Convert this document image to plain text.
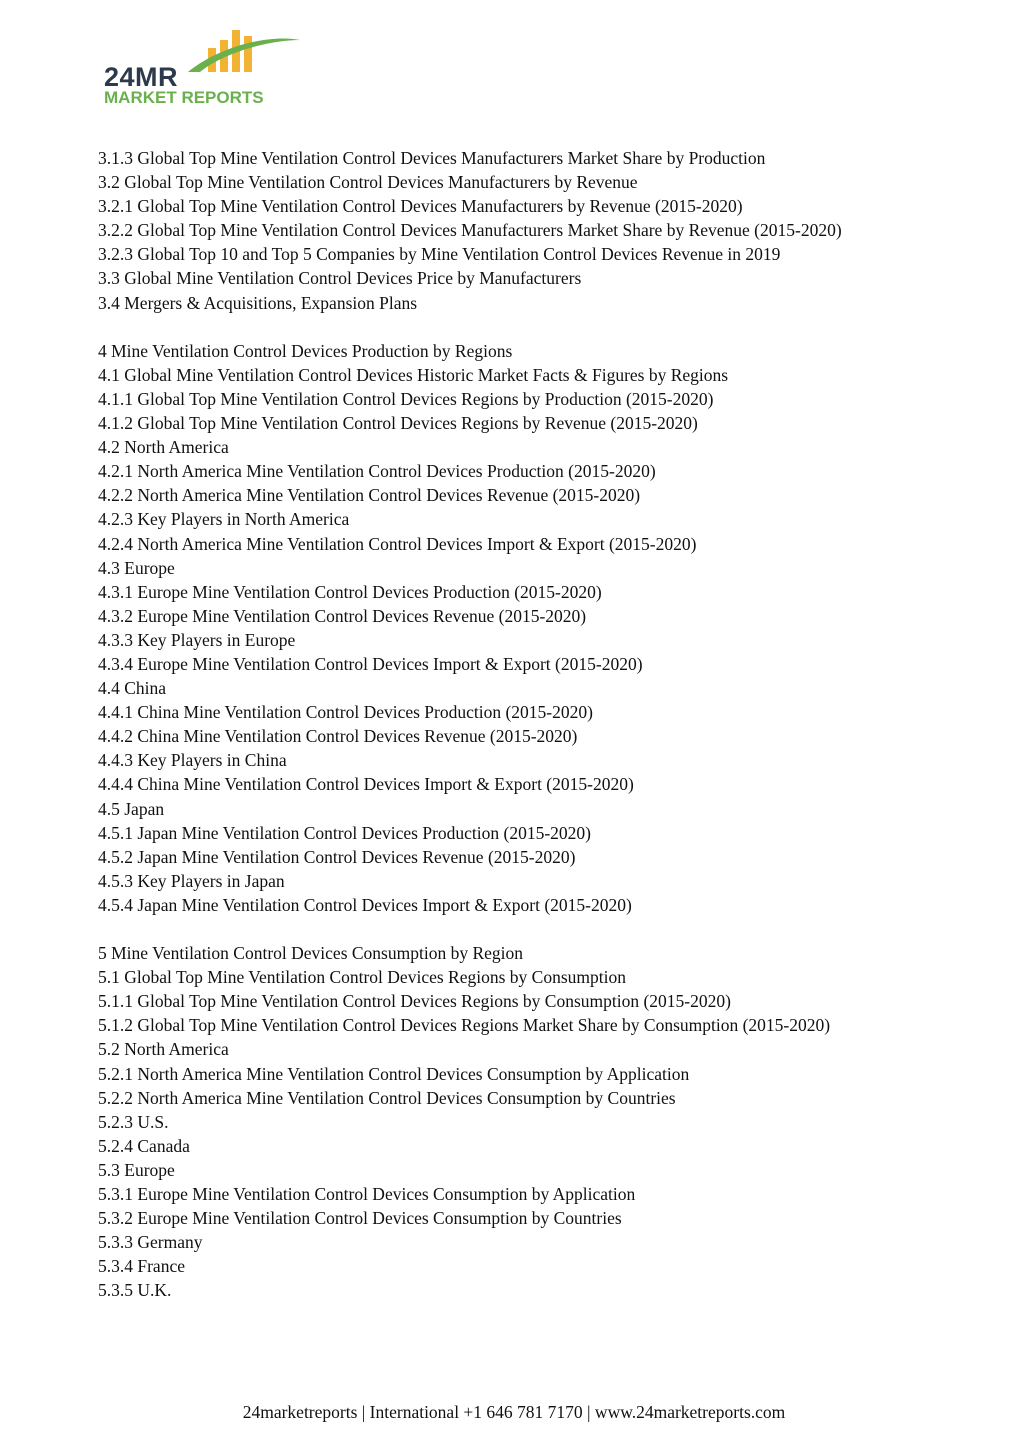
24MR
MARKET REPORTS
3.1.3 Global Top Mine Ventilation Control Devices Manufacturers Market Share by Production
3.2 Global Top Mine Ventilation Control Devices Manufacturers by Revenue
3.2.1 Global Top Mine Ventilation Control Devices Manufacturers by Revenue (2015-2020)
3.2.2 Global Top Mine Ventilation Control Devices Manufacturers Market Share by Revenue (2015-2020)
3.2.3 Global Top 10 and Top 5 Companies by Mine Ventilation Control Devices Revenue in 2019
3.3 Global Mine Ventilation Control Devices Price by Manufacturers
3.4 Mergers & Acquisitions, Expansion Plans
4 Mine Ventilation Control Devices Production by Regions
4.1 Global Mine Ventilation Control Devices Historic Market Facts & Figures by Regions
4.1.1 Global Top Mine Ventilation Control Devices Regions by Production (2015-2020)
4.1.2 Global Top Mine Ventilation Control Devices Regions by Revenue (2015-2020)
4.2 North America
4.2.1 North America Mine Ventilation Control Devices Production (2015-2020)
4.2.2 North America Mine Ventilation Control Devices Revenue (2015-2020)
4.2.3 Key Players in North America
4.2.4 North America Mine Ventilation Control Devices Import & Export (2015-2020)
4.3 Europe
4.3.1 Europe Mine Ventilation Control Devices Production (2015-2020)
4.3.2 Europe Mine Ventilation Control Devices Revenue (2015-2020)
4.3.3 Key Players in Europe
4.3.4 Europe Mine Ventilation Control Devices Import & Export (2015-2020)
4.4 China
4.4.1 China Mine Ventilation Control Devices Production (2015-2020)
4.4.2 China Mine Ventilation Control Devices Revenue (2015-2020)
4.4.3 Key Players in China
4.4.4 China Mine Ventilation Control Devices Import & Export (2015-2020)
4.5 Japan
4.5.1 Japan Mine Ventilation Control Devices Production (2015-2020)
4.5.2 Japan Mine Ventilation Control Devices Revenue (2015-2020)
4.5.3 Key Players in Japan
4.5.4 Japan Mine Ventilation Control Devices Import & Export (2015-2020)
5 Mine Ventilation Control Devices Consumption by Region
5.1 Global Top Mine Ventilation Control Devices Regions by Consumption
5.1.1 Global Top Mine Ventilation Control Devices Regions by Consumption (2015-2020)
5.1.2 Global Top Mine Ventilation Control Devices Regions Market Share by Consumption (2015-2020)
5.2 North America
5.2.1 North America Mine Ventilation Control Devices Consumption by Application
5.2.2 North America Mine Ventilation Control Devices Consumption by Countries
5.2.3 U.S.
5.2.4 Canada
5.3 Europe
5.3.1 Europe Mine Ventilation Control Devices Consumption by Application
5.3.2 Europe Mine Ventilation Control Devices Consumption by Countries
5.3.3 Germany
5.3.4 France
5.3.5 U.K.
24marketreports | International +1 646 781 7170 | www.24marketreports.com
